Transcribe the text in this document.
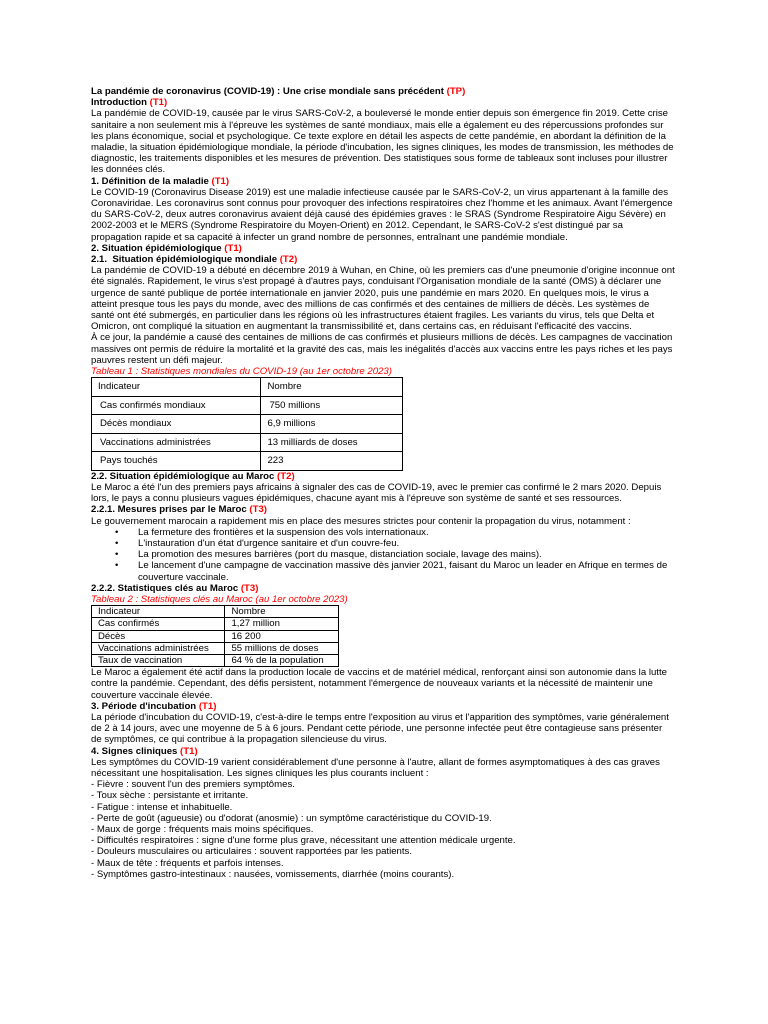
La pandémie de coronavirus (COVID-19) : Une crise mondiale sans précédent (TP)

Introduction (T1)

La pandémie de COVID-19, causée par le virus SARS-CoV-2, a bouleversé le monde entier depuis son émergence fin 2019. Cette crise sanitaire a non seulement mis à l'épreuve les systèmes de santé mondiaux, mais elle a également eu des répercussions profondes sur les plans économique, social et psychologique. Ce texte explore en détail les aspects de cette pandémie, en abordant la définition de la maladie, la situation épidémiologique mondiale, la période d'incubation, les signes cliniques, les modes de transmission, les méthodes de diagnostic, les traitements disponibles et les mesures de prévention. Des statistiques sous forme de tableaux sont incluses pour illustrer les données clés.

1. Définition de la maladie (T1)

Le COVID-19 (Coronavirus Disease 2019) est une maladie infectieuse causée par le SARS-CoV-2, un virus appartenant à la famille des Coronaviridae. Les coronavirus sont connus pour provoquer des infections respiratoires chez l'homme et les animaux. Avant l'émergence du SARS-CoV-2, deux autres coronavirus avaient déjà causé des épidémies graves : le SRAS (Syndrome Respiratoire Aigu Sévère) en 2002-2003 et le MERS (Syndrome Respiratoire du Moyen-Orient) en 2012. Cependant, le SARS-CoV-2 s'est distingué par sa propagation rapide et sa capacité à infecter un grand nombre de personnes, entraînant une pandémie mondiale.

2. Situation épidémiologique (T1)

2.1.  Situation épidémiologique mondiale (T2)

La pandémie de COVID-19 a débuté en décembre 2019 à Wuhan, en Chine, où les premiers cas d'une pneumonie d'origine inconnue ont été signalés. Rapidement, le virus s'est propagé à d'autres pays, conduisant l'Organisation mondiale de la santé (OMS) à déclarer une urgence de santé publique de portée internationale en janvier 2020, puis une pandémie en mars 2020. En quelques mois, le virus a atteint presque tous les pays du monde, avec des millions de cas confirmés et des centaines de milliers de décès. Les systèmes de santé ont été submergés, en particulier dans les régions où les infrastructures étaient fragiles. Les variants du virus, tels que Delta et Omicron, ont compliqué la situation en augmentant la transmissibilité et, dans certains cas, en réduisant l'efficacité des vaccins.

À ce jour, la pandémie a causé des centaines de millions de cas confirmés et plusieurs millions de décès. Les campagnes de vaccination massives ont permis de réduire la mortalité et la gravité des cas, mais les inégalités d'accès aux vaccins entre les pays riches et les pays pauvres restent un défi majeur.

Tableau 1 : Statistiques mondiales du COVID-19 (au 1er octobre 2023)

Indicateur	Nombre
Cas confirmés mondiaux	750 millions
Décès mondiaux	6,9 millions
Vaccinations administrées	13 milliards de doses
Pays touchés	223

2.2. Situation épidémiologique au Maroc (T2)

Le Maroc a été l'un des premiers pays africains à signaler des cas de COVID-19, avec le premier cas confirmé le 2 mars 2020. Depuis lors, le pays a connu plusieurs vagues épidémiques, chacune ayant mis à l'épreuve son système de santé et ses ressources.

2.2.1. Mesures prises par le Maroc (T3)

Le gouvernement marocain a rapidement mis en place des mesures strictes pour contenir la propagation du virus, notamment :

• La fermeture des frontières et la suspension des vols internationaux.
• L'instauration d'un état d'urgence sanitaire et d'un couvre-feu.
• La promotion des mesures barrières (port du masque, distanciation sociale, lavage des mains).
• Le lancement d'une campagne de vaccination massive dès janvier 2021, faisant du Maroc un leader en Afrique en termes de couverture vaccinale.

2.2.2. Statistiques clés au Maroc (T3)

Tableau 2 : Statistiques clés au Maroc (au 1er octobre 2023)

Indicateur	Nombre
Cas confirmés	1,27 million
Décès	16 200
Vaccinations administrées	55 millions de doses
Taux de vaccination	64 % de la population

Le Maroc a également été actif dans la production locale de vaccins et de matériel médical, renforçant ainsi son autonomie dans la lutte contre la pandémie. Cependant, des défis persistent, notamment l'émergence de nouveaux variants et la nécessité de maintenir une couverture vaccinale élevée.

3. Période d'incubation (T1)

La période d'incubation du COVID-19, c'est-à-dire le temps entre l'exposition au virus et l'apparition des symptômes, varie généralement de 2 à 14 jours, avec une moyenne de 5 à 6 jours. Pendant cette période, une personne infectée peut être contagieuse sans présenter de symptômes, ce qui contribue à la propagation silencieuse du virus.

4. Signes cliniques (T1)

Les symptômes du COVID-19 varient considérablement d'une personne à l'autre, allant de formes asymptomatiques à des cas graves nécessitant une hospitalisation. Les signes cliniques les plus courants incluent :

- Fièvre : souvent l'un des premiers symptômes.

- Toux sèche : persistante et irritante.

- Fatigue : intense et inhabituelle.

- Perte de goût (agueusie) ou d'odorat (anosmie) : un symptôme caractéristique du COVID-19.

- Maux de gorge : fréquents mais moins spécifiques.

- Difficultés respiratoires : signe d'une forme plus grave, nécessitant une attention médicale urgente.

- Douleurs musculaires ou articulaires : souvent rapportées par les patients.

- Maux de tête : fréquents et parfois intenses.

- Symptômes gastro-intestinaux : nausées, vomissements, diarrhée (moins courants).
